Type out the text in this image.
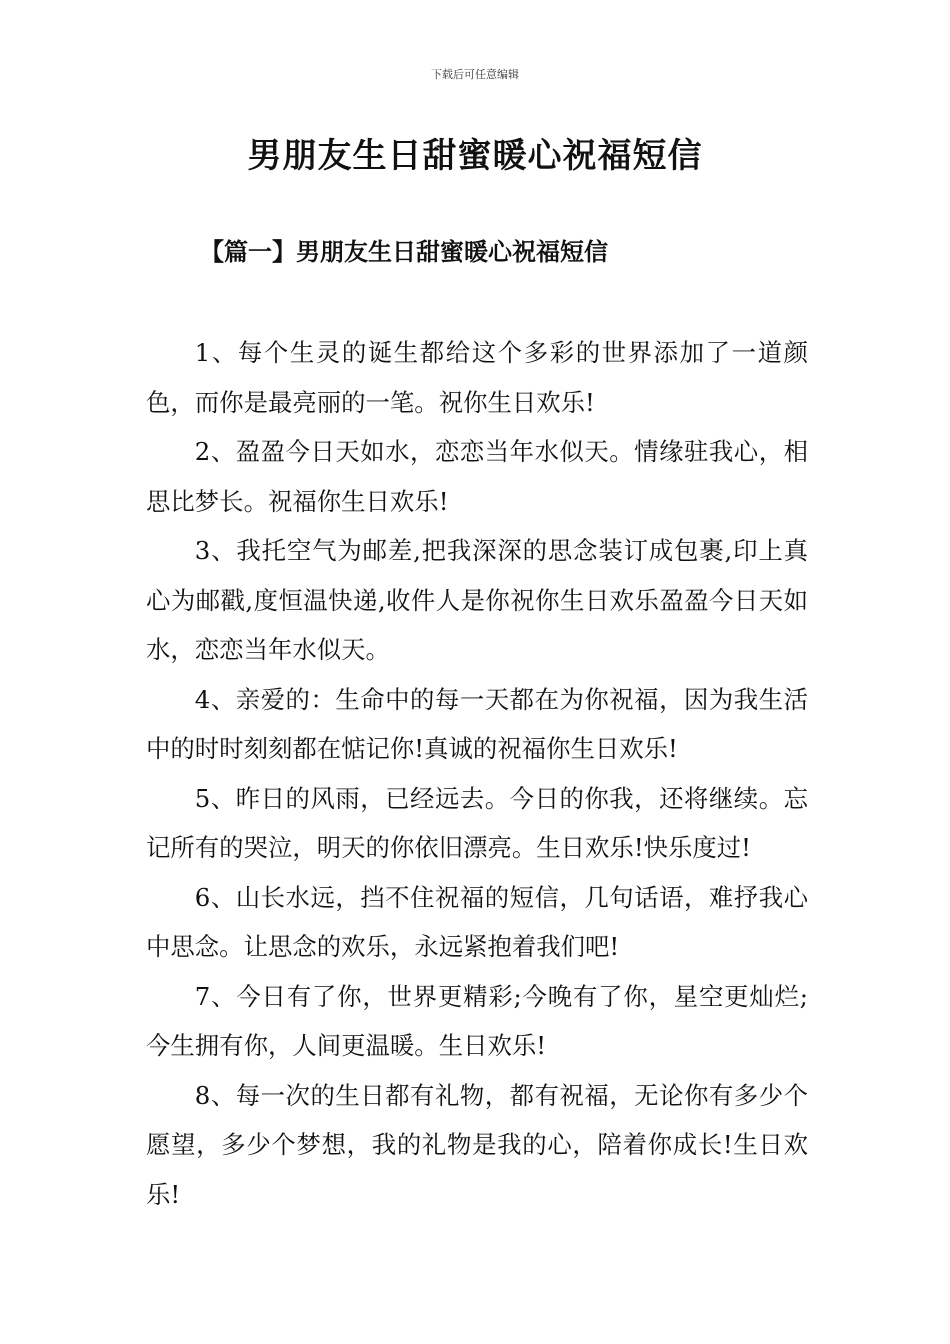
下载后可任意编辑
男朋友生日甜蜜暖心祝福短信
【篇一】男朋友生日甜蜜暖心祝福短信

1、每个生灵的诞生都给这个多彩的世界添加了一道颜色，而你是最亮丽的一笔。祝你生日欢乐!

2、盈盈今日天如水，恋恋当年水似天。情缘驻我心，相思比梦长。祝福你生日欢乐!

3、我托空气为邮差,把我深深的思念装订成包裹,印上真心为邮戳,度恒温快递,收件人是你祝你生日欢乐盈盈今日天如水，恋恋当年水似天。

4、亲爱的：生命中的每一天都在为你祝福，因为我生活中的时时刻刻都在惦记你!真诚的祝福你生日欢乐!

5、昨日的风雨，已经远去。今日的你我，还将继续。忘记所有的哭泣，明天的你依旧漂亮。生日欢乐!快乐度过!

6、山长水远，挡不住祝福的短信，几句话语，难抒我心中思念。让思念的欢乐，永远紧抱着我们吧!

7、今日有了你，世界更精彩;今晚有了你，星空更灿烂;今生拥有你，人间更温暖。生日欢乐!

8、每一次的生日都有礼物，都有祝福，无论你有多少个愿望，多少个梦想，我的礼物是我的心，陪着你成长!生日欢乐!
